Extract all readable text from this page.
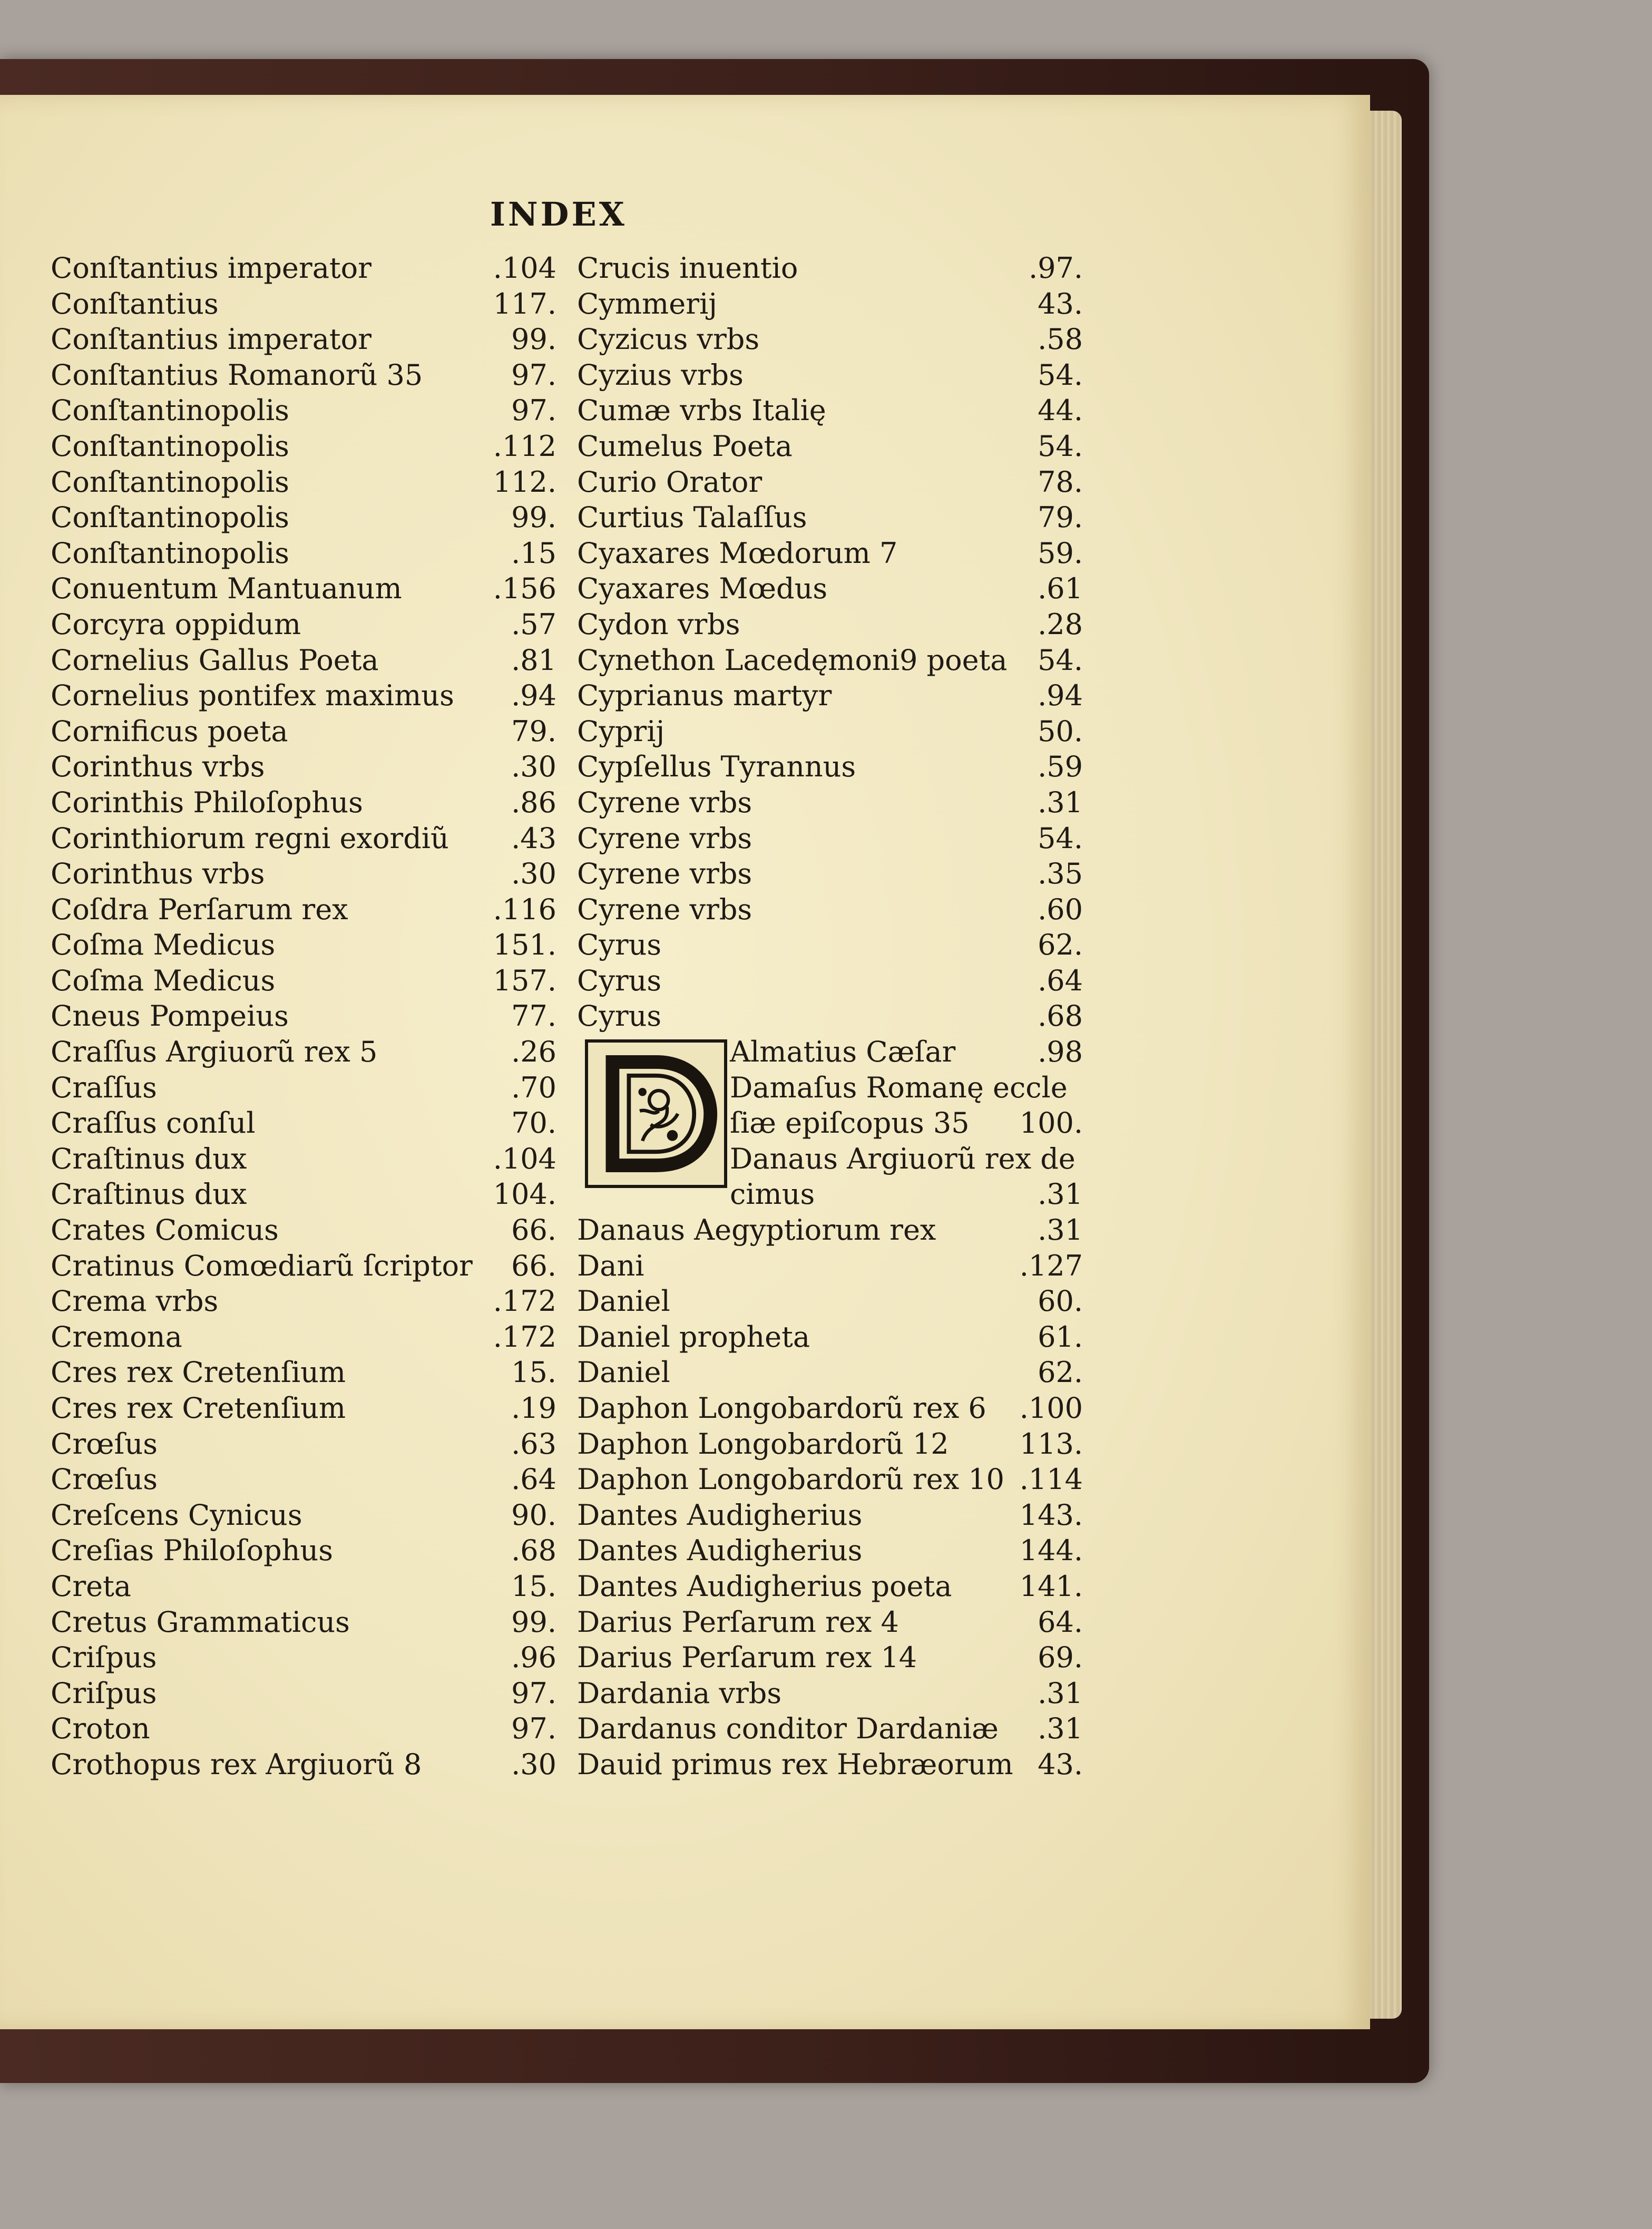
INDEX
Conſtantius imperator	.104
Conſtantius	117.
Conſtantius imperator	99.
Conſtantius Romanorũ 35	97.
Conſtantinopolis	97.
Conſtantinopolis	.112
Conſtantinopolis	112.
Conſtantinopolis	99.
Conſtantinopolis	.15
Conuentum Mantuanum	.156
Corcyra oppidum	.57
Cornelius Gallus Poeta	.81
Cornelius pontifex maximus .94
Cornificus poeta	79.
Corinthus vrbs	.30
Corinthis Philoſophus	.86
Corinthiorum regni exordiũ .43
Corinthus vrbs	.30
Coſdra Perſarum rex	.116
Coſma Medicus	151.
Coſma Medicus	157.
Cneus Pompeius	77.
Craſſus Argiuorũ rex 5	.26
Craſſus	.70
Craſſus conſul	70.
Craſtinus dux	.104
Craſtinus dux	104.
Crates Comicus	66.
Cratinus Comœdiarũ ſcriptor 66.
Crema vrbs	.172
Cremona	.172
Cres rex Cretenſium	15.
Cres rex Cretenſium	.19
Crœſus	.63
Crœſus	.64
Creſcens Cynicus	90.
Creſias Philoſophus	.68
Creta	15.
Cretus Grammaticus	99.
Criſpus	.96
Criſpus	97.
Croton	97.
Crothopus rex Argiuorũ 8	.30
Crucis inuentio	.97.
Cymmerij	43.
Cyzicus vrbs	.58
Cyzius vrbs	54.
Cumæ vrbs Italię	44.
Cumelus Poeta	54.
Curio Orator	78.
Curtius Talaſſus	79.
Cyaxares Mœdorum 7	59.
Cyaxares Mœdus	.61
Cydon vrbs	.28
Cynethon Lacedęmoni9 poeta 54.
Cyprianus martyr	.94
Cyprij	50.
Cypſellus Tyrannus	.59
Cyrene vrbs	.31
Cyrene vrbs	54.
Cyrene vrbs	.35
Cyrene vrbs	.60
Cyrus	62.
Cyrus	.64
Cyrus	.68
Almatius Cæſar	.98
Damaſus Romanę eccle
ſiæ epiſcopus 35 100.
Danaus Argiuorũ rex de
cimus	.31
Danaus Aegyptiorum rex	.31
Dani	.127
Daniel	60.
Daniel propheta	61.
Daniel	62.
Daphon Longobardorũ rex 6 .100
Daphon Longobardorũ 12 113.
Daphon Longobardorũ rex 10 .114
Dantes Audigherius	143.
Dantes Audigherius	144.
Dantes Audigherius poeta 141.
Darius Perſarum rex 4	64.
Darius Perſarum rex 14	69.
Dardania vrbs	.31
Dardanus conditor Dardaniæ .31
Dauid primus rex Hebræorum 43.
